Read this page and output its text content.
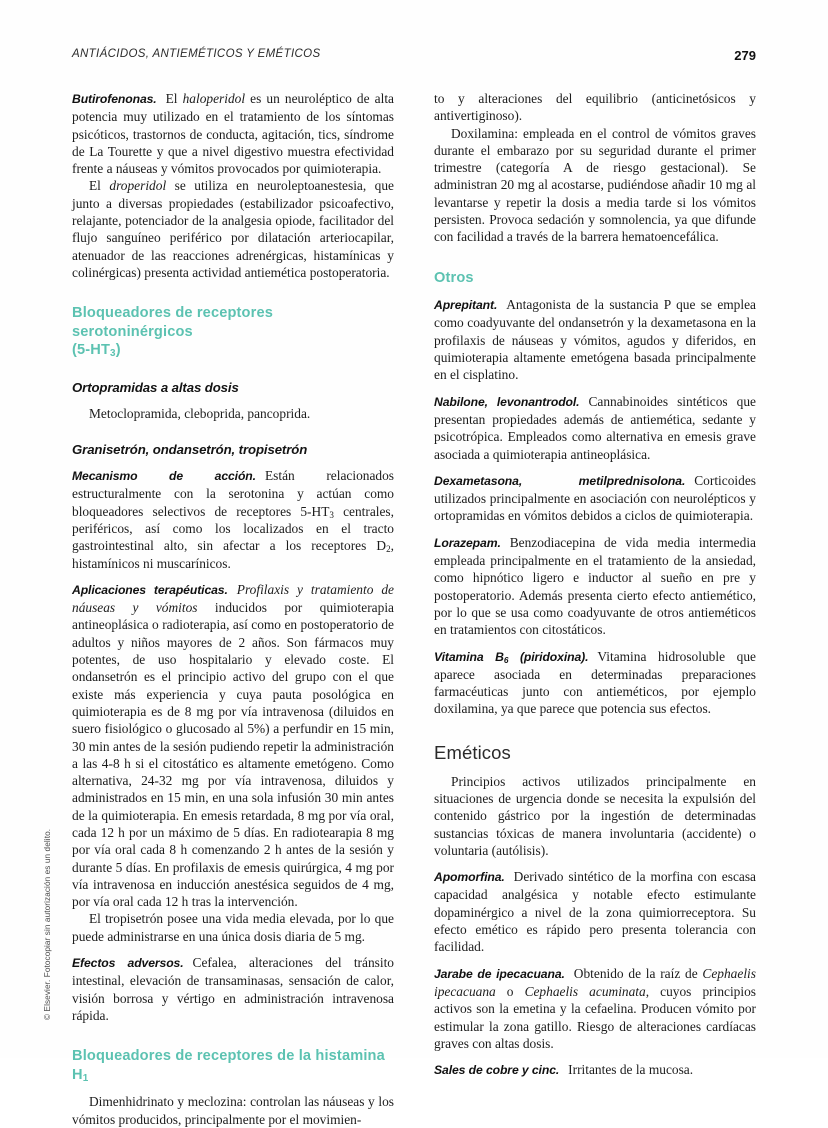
ANTIÁCIDOS, ANTIEMÉTICOS Y EMÉTICOS	279
© Elsevier. Fotocopiar sin autorización es un delito.

Butirofenonas. El haloperidol es un neuroléptico de alta potencia muy utilizado en el tratamiento de los síntomas psicóticos, trastornos de conducta, agitación, tics, síndrome de La Tourette y que a nivel digestivo muestra efectividad frente a náuseas y vómitos provocados por quimioterapia.

El droperidol se utiliza en neuroleptoanestesia, que junto a diversas propiedades (estabilizador psicoafectivo, relajante, potenciador de la analgesia opiode, facilitador del flujo sanguíneo periférico por dilatación arteriocapilar, atenuador de las reacciones adrenérgicas, histamínicas y colinérgicas) presenta actividad antiemética postoperatoria.

Bloqueadores de receptores serotoninérgicos
$(5-HT_3)$
Ortopramidas a altas dosis

Metoclopramida, cleboprida, pancoprida.

Granisetrón, ondansetrón, tropisetrón

Mecanismo de acción. Están relacionados estructuralmente con la serotonina y actúan como bloqueadores selectivos de receptores $5-HT_3$ centrales, periféricos, así como los localizados en el tracto gastrointestinal alto, sin afectar a los receptores $D_2$, histamínicos ni muscarínicos.

Aplicaciones terapéuticas. Profilaxis y tratamiento de náuseas y vómitos inducidos por quimioterapia antineoplásica o radioterapia, así como en postoperatorio de adultos y niños mayores de 2 años. Son fármacos muy potentes, de uso hospitalario y elevado coste. El ondansetrón es el principio activo del grupo con el que existe más experiencia y cuya pauta posológica en quimioterapia es de 8 mg por vía intravenosa (diluidos en suero fisiológico o glucosado al 5%) a perfundir en 15 min, 30 min antes de la sesión pudiendo repetir la administración a las 4-8 h si el citostático es altamente emetógeno. Como alternativa, 24-32 mg por vía intravenosa, diluidos y administrados en 15 min, en una sola infusión 30 min antes de la quimioterapia. En emesis retardada, 8 mg por vía oral, cada 12 h por un máximo de 5 días. En radiotearapia 8 mg por vía oral cada 8 h comenzando 2 h antes de la sesión y durante 5 días. En profilaxis de emesis quirúrgica, 4 mg por vía intravenosa en inducción anestésica seguidos de 4 mg, por vía oral cada 12 h tras la intervención.

El tropisetrón posee una vida media elevada, por lo que puede administrarse en una única dosis diaria de 5 mg.

Efectos adversos. Cefalea, alteraciones del tránsito intestinal, elevación de transaminasas, sensación de calor, visión borrosa y vértigo en administración intravenosa rápida.

Bloqueadores de receptores de la histamina $H_1$

Dimenhidrinato y meclozina: controlan las náuseas y los vómitos producidos, principalmente por el movimien-

to y alteraciones del equilibrio (anticinetósicos y antivertiginoso).

Doxilamina: empleada en el control de vómitos graves durante el embarazo por su seguridad durante el primer trimestre (categoría A de riesgo gestacional). Se administran 20 mg al acostarse, pudiéndose añadir 10 mg al levantarse y repetir la dosis a media tarde si los vómitos persisten. Provoca sedación y somnolencia, ya que difunde con facilidad a través de la barrera hematoencefálica.

Otros

Aprepitant. Antagonista de la sustancia P que se emplea como coadyuvante del ondansetrón y la dexametasona en la profilaxis de náuseas y vómitos, agudos y diferidos, en quimioterapia altamente emetógena basada principalmente en el cisplatino.

Nabilone, levonantrodol. Cannabinoides sintéticos que presentan propiedades además de antiemética, sedante y psicotrópica. Empleados como alternativa en emesis grave asociada a quimioterapia antineoplásica.

Dexametasona, metilprednisolona. Corticoides utilizados principalmente en asociación con neurolépticos y ortopramidas en vómitos debidos a ciclos de quimioterapia.

Lorazepam. Benzodiacepina de vida media intermedia empleada principalmente en el tratamiento de la ansiedad, como hipnótico ligero e inductor al sueño en pre y postoperatorio. Además presenta cierto efecto antiemético, por lo que se usa como coadyuvante de otros antieméticos en tratamientos con citostáticos.

Vitamina $B_6$ (piridoxina). Vitamina hidrosoluble que aparece asociada en determinadas preparaciones farmacéuticas junto con antieméticos, por ejemplo doxilamina, ya que parece que potencia sus efectos.

Eméticos

Principios activos utilizados principalmente en situaciones de urgencia donde se necesita la expulsión del contenido gástrico por la ingestión de determinadas sustancias tóxicas de manera involuntaria (accidente) o voluntaria (autólisis).

Apomorfina. Derivado sintético de la morfina con escasa capacidad analgésica y notable efecto estimulante dopaminérgico a nivel de la zona quimiorreceptora. Su efecto emético es rápido pero presenta tolerancia con facilidad.

Jarabe de ipecacuana. Obtenido de la raíz de Cephaelis ipecacuana o Cephaelis acuminata, cuyos principios activos son la emetina y la cefaelina. Producen vómito por estimular la zona gatillo. Riesgo de alteraciones cardíacas graves con altas dosis.

Sales de cobre y cinc. Irritantes de la mucosa.
